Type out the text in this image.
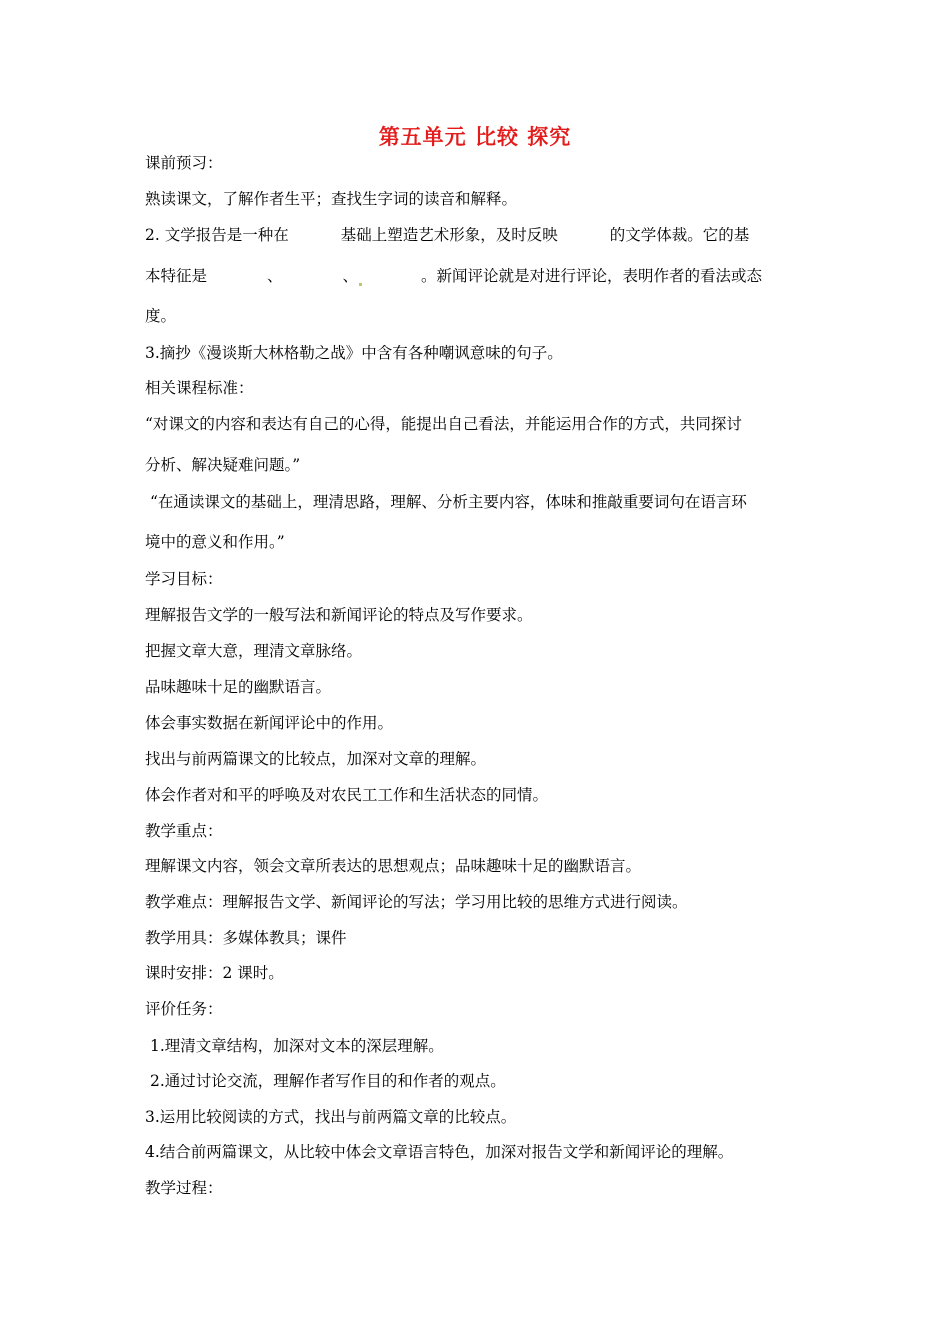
第五单元 比较 探究
课前预习：
熟读课文，了解作者生平；查找生字词的读音和解释。
2. 文学报告是一种在	基础上塑造艺术形象，及时反映	的文学体裁。它的基
本特征是	、	、	。新闻评论就是对进行评论，表明作者的看法或态
度。
3.摘抄《漫谈斯大林格勒之战》中含有各种嘲讽意味的句子。
相关课程标准：
“对课文的内容和表达有自己的心得，能提出自己看法，并能运用合作的方式，共同探讨
分析、解决疑难问题。”
“在通读课文的基础上，理清思路，理解、分析主要内容，体味和推敲重要词句在语言环
境中的意义和作用。”
学习目标：
理解报告文学的一般写法和新闻评论的特点及写作要求。
把握文章大意，理清文章脉络。
品味趣味十足的幽默语言。
体会事实数据在新闻评论中的作用。
找出与前两篇课文的比较点，加深对文章的理解。
体会作者对和平的呼唤及对农民工工作和生活状态的同情。
教学重点：
理解课文内容，领会文章所表达的思想观点；品味趣味十足的幽默语言。
教学难点：理解报告文学、新闻评论的写法；学习用比较的思维方式进行阅读。
教学用具：多媒体教具；课件
课时安排：2 课时。
评价任务：
1.理清文章结构，加深对文本的深层理解。
2.通过讨论交流，理解作者写作目的和作者的观点。
3.运用比较阅读的方式，找出与前两篇文章的比较点。
4.结合前两篇课文，从比较中体会文章语言特色，加深对报告文学和新闻评论的理解。
教学过程：
